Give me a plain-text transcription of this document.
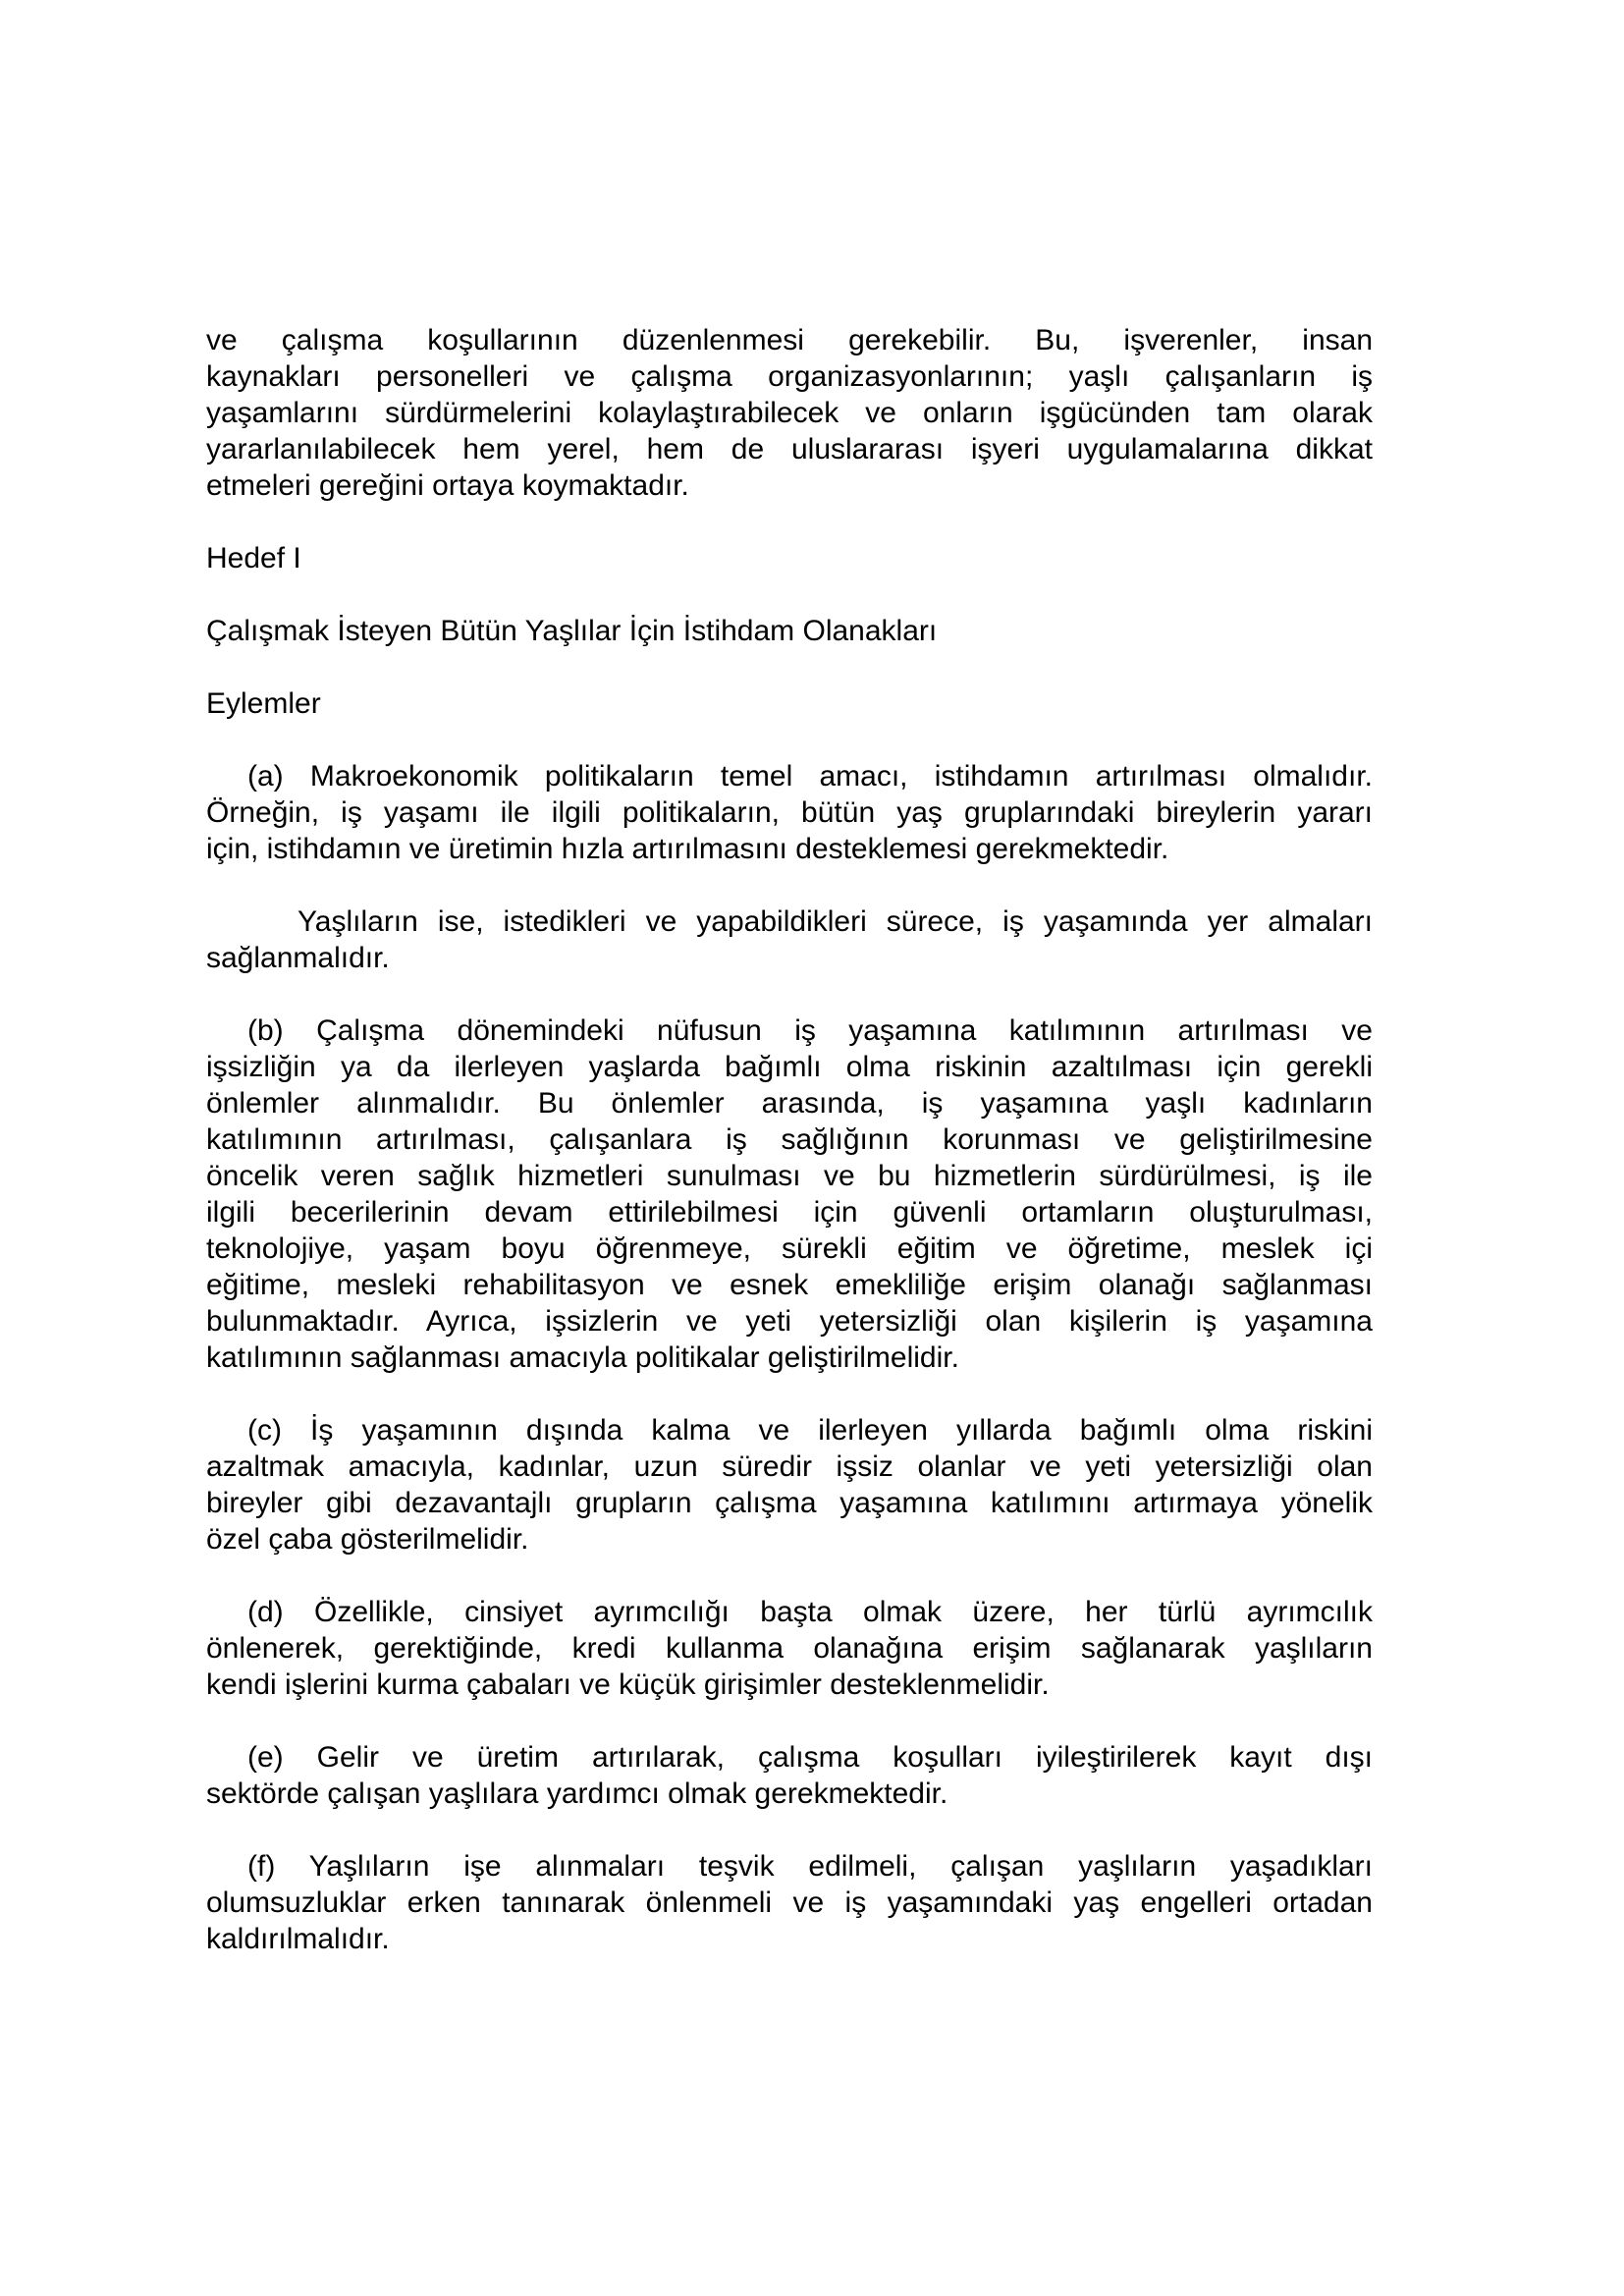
ve çalışma koşullarının düzenlenmesi gerekebilir. Bu, işverenler, insan
kaynakları personelleri ve çalışma organizasyonlarının; yaşlı çalışanların iş
yaşamlarını sürdürmelerini kolaylaştırabilecek ve onların işgücünden tam olarak
yararlanılabilecek hem yerel, hem de uluslararası işyeri uygulamalarına dikkat
etmeleri gereğini ortaya koymaktadır.
Hedef I
Çalışmak İsteyen Bütün Yaşlılar İçin İstihdam Olanakları
Eylemler
(a) Makroekonomik politikaların temel amacı, istihdamın artırılması olmalıdır.
Örneğin, iş yaşamı ile ilgili politikaların, bütün yaş gruplarındaki bireylerin yararı
için, istihdamın ve üretimin hızla artırılmasını desteklemesi gerekmektedir.
Yaşlıların ise, istedikleri ve yapabildikleri sürece, iş yaşamında yer almaları
sağlanmalıdır.
(b) Çalışma dönemindeki nüfusun iş yaşamına katılımının artırılması ve
işsizliğin ya da ilerleyen yaşlarda bağımlı olma riskinin azaltılması için gerekli
önlemler alınmalıdır. Bu önlemler arasında, iş yaşamına yaşlı kadınların
katılımının artırılması, çalışanlara iş sağlığının korunması ve geliştirilmesine
öncelik veren sağlık hizmetleri sunulması ve bu hizmetlerin sürdürülmesi, iş ile
ilgili becerilerinin devam ettirilebilmesi için güvenli ortamların oluşturulması,
teknolojiye, yaşam boyu öğrenmeye, sürekli eğitim ve öğretime, meslek içi
eğitime, mesleki rehabilitasyon ve esnek emekliliğe erişim olanağı sağlanması
bulunmaktadır. Ayrıca, işsizlerin ve yeti yetersizliği olan kişilerin iş yaşamına
katılımının sağlanması amacıyla politikalar geliştirilmelidir.
(c) İş yaşamının dışında kalma ve ilerleyen yıllarda bağımlı olma riskini
azaltmak amacıyla, kadınlar, uzun süredir işsiz olanlar ve yeti yetersizliği olan
bireyler gibi dezavantajlı grupların çalışma yaşamına katılımını artırmaya yönelik
özel çaba gösterilmelidir.
(d) Özellikle, cinsiyet ayrımcılığı başta olmak üzere, her türlü ayrımcılık
önlenerek, gerektiğinde, kredi kullanma olanağına erişim sağlanarak yaşlıların
kendi işlerini kurma çabaları ve küçük girişimler desteklenmelidir.
(e) Gelir ve üretim artırılarak, çalışma koşulları iyileştirilerek kayıt dışı
sektörde çalışan yaşlılara yardımcı olmak gerekmektedir.
(f) Yaşlıların işe alınmaları teşvik edilmeli, çalışan yaşlıların yaşadıkları
olumsuzluklar erken tanınarak önlenmeli ve iş yaşamındaki yaş engelleri ortadan
kaldırılmalıdır.
